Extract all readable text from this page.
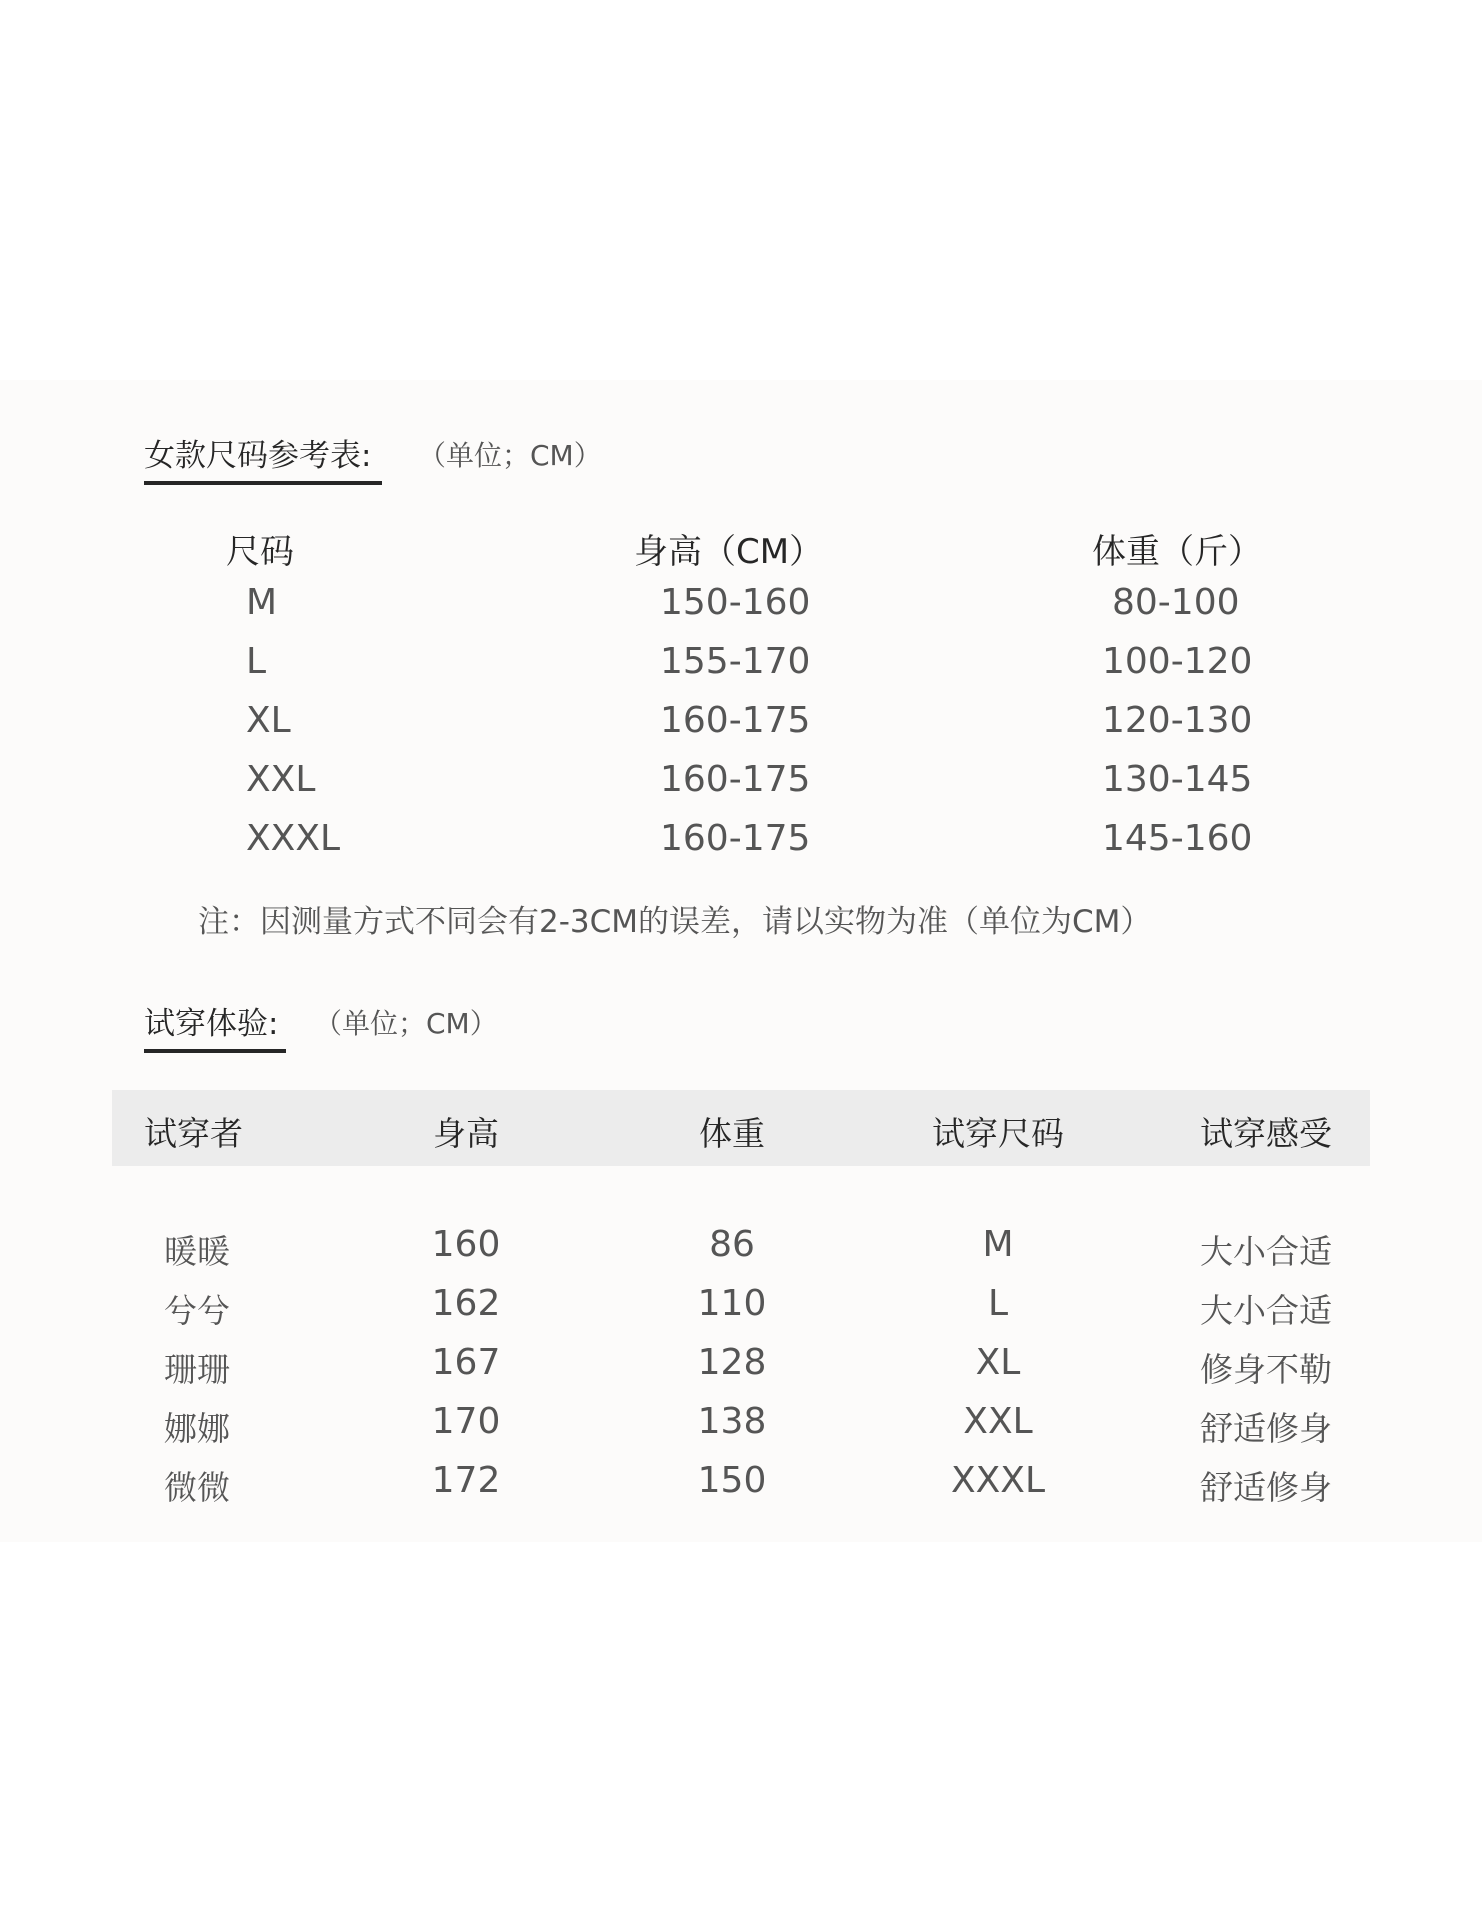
女款尺码参考表: （单位；CM）
尺码	身高（CM）	体重（斤）
M	150-160	80-100
L	155-170	100-120
XL	160-175	120-130
XXL	160-175	130-145
XXXL	160-175	145-160
注：因测量方式不同会有2-3CM的误差，请以实物为准（单位为CM）
试穿体验: （单位；CM）
试穿者	身高	体重	试穿尺码	试穿感受
暖暖	160	86	M	大小合适
兮兮	162	110	L	大小合适
珊珊	167	128	XL	修身不勒
娜娜	170	138	XXL	舒适修身
微微	172	150	XXXL	舒适修身
